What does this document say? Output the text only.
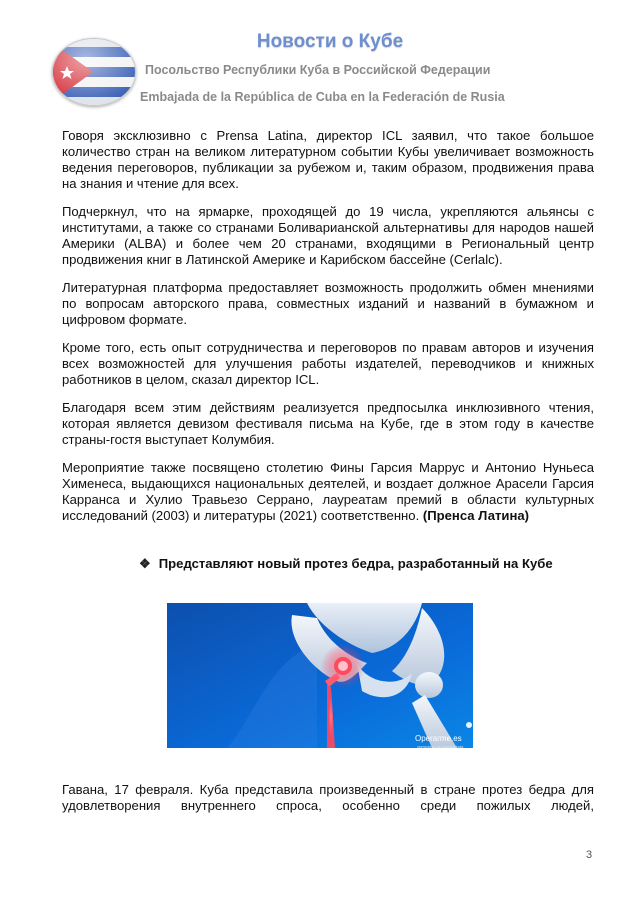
Новости о Кубе
Посольство Республики Куба в Российской Федерации
Embajada de la República de Cuba en la Federación de Rusia

Говоря эксклюзивно с Prensa Latina, директор ICL заявил, что такое большое количество стран на великом литературном событии Кубы увеличивает возможность ведения переговоров, публикации за рубежом и, таким образом, продвижения права на знания и чтение для всех.

Подчеркнул, что на ярмарке, проходящей до 19 числа, укрепляются альянсы с институтами, а также со странами Боливарианской альтернативы для народов нашей Америки (ALBA) и более чем 20 странами, входящими в Региональный центр продвижения книг в Латинской Америке и Карибском бассейне (Cerlalc).

Литературная платформа предоставляет возможность продолжить обмен мнениями по вопросам авторского права, совместных изданий и названий в бумажном и цифровом формате.

Кроме того, есть опыт сотрудничества и переговоров по правам авторов и изучения всех возможностей для улучшения работы издателей, переводчиков и книжных работников в целом, сказал директор ICL.

Благодаря всем этим действиям реализуется предпосылка инклюзивного чтения, которая является девизом фестиваля письма на Кубе, где в этом году в качестве страны-гостя выступает Колумбия.

Мероприятие также посвящено столетию Фины Гарсия Маррус и Антонио Нуньеса Хименеса, выдающихся национальных деятелей, и воздает должное Арасели Гарсия Карранса и Хулио Травьезо Серрано, лауреатам премий в области культурных исследований (2003) и литературы (2021) соответственно. (Пренса Латина)

❖ Представляют новый протез бедра, разработанный на Кубе
Operarme.es
operaciones de traumatología

Гавана, 17 февраля. Куба представила произведенный в стране протез бедра для удовлетворения внутреннего спроса, особенно среди пожилых людей,

3
